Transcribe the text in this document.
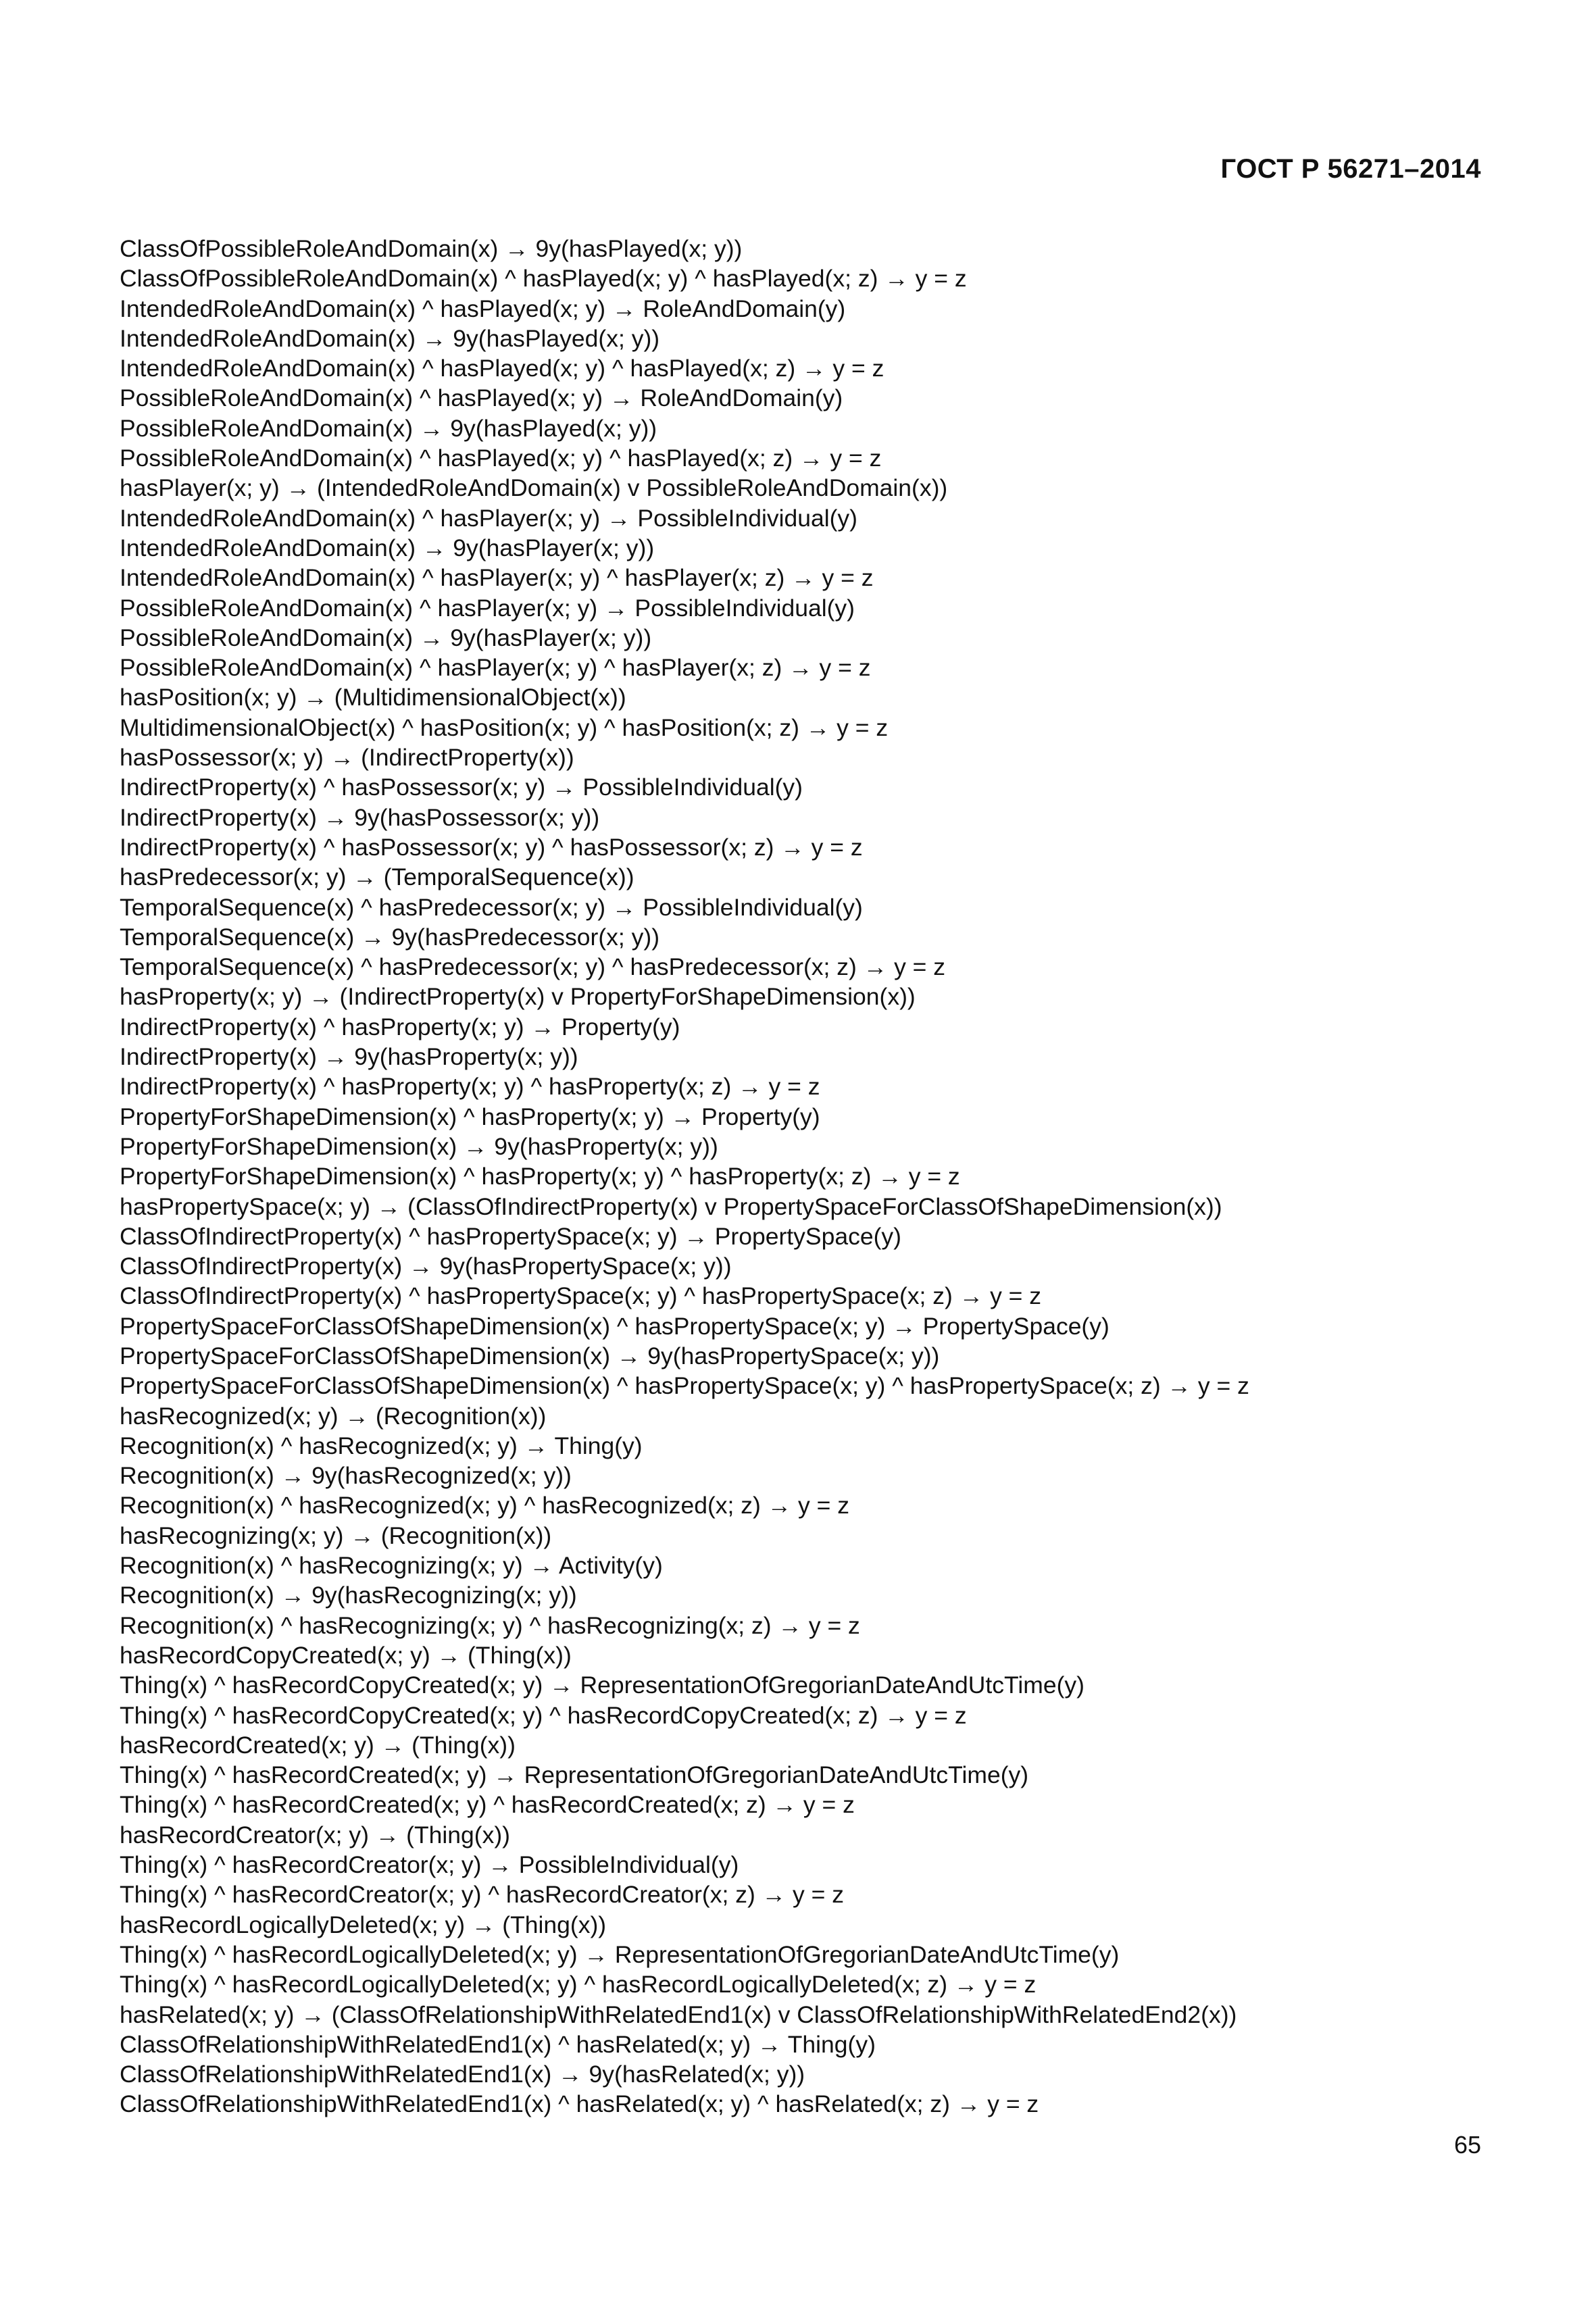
ГОСТ Р 56271–2014
ClassOfPossibleRoleAndDomain(x) → 9y(hasPlayed(x; y))
ClassOfPossibleRoleAndDomain(x) ^ hasPlayed(x; y) ^ hasPlayed(x; z) → y = z
IntendedRoleAndDomain(x) ^ hasPlayed(x; y) → RoleAndDomain(y)
IntendedRoleAndDomain(x) → 9y(hasPlayed(x; y))
IntendedRoleAndDomain(x) ^ hasPlayed(x; y) ^ hasPlayed(x; z) → y = z
PossibleRoleAndDomain(x) ^ hasPlayed(x; y) → RoleAndDomain(y)
PossibleRoleAndDomain(x) → 9y(hasPlayed(x; y))
PossibleRoleAndDomain(x) ^ hasPlayed(x; y) ^ hasPlayed(x; z) → y = z
hasPlayer(x; y) → (IntendedRoleAndDomain(x) v PossibleRoleAndDomain(x))
IntendedRoleAndDomain(x) ^ hasPlayer(x; y) → PossibleIndividual(y)
IntendedRoleAndDomain(x) → 9y(hasPlayer(x; y))
IntendedRoleAndDomain(x) ^ hasPlayer(x; y) ^ hasPlayer(x; z) → y = z
PossibleRoleAndDomain(x) ^ hasPlayer(x; y) → PossibleIndividual(y)
PossibleRoleAndDomain(x) → 9y(hasPlayer(x; y))
PossibleRoleAndDomain(x) ^ hasPlayer(x; y) ^ hasPlayer(x; z) → y = z
hasPosition(x; y) → (MultidimensionalObject(x))
MultidimensionalObject(x) ^ hasPosition(x; y) ^ hasPosition(x; z) → y = z
hasPossessor(x; y) → (IndirectProperty(x))
IndirectProperty(x) ^ hasPossessor(x; y) → PossibleIndividual(y)
IndirectProperty(x) → 9y(hasPossessor(x; y))
IndirectProperty(x) ^ hasPossessor(x; y) ^ hasPossessor(x; z) → y = z
hasPredecessor(x; y) → (TemporalSequence(x))
TemporalSequence(x) ^ hasPredecessor(x; y) → PossibleIndividual(y)
TemporalSequence(x) → 9y(hasPredecessor(x; y))
TemporalSequence(x) ^ hasPredecessor(x; y) ^ hasPredecessor(x; z) → y = z
hasProperty(x; y) → (IndirectProperty(x) v PropertyForShapeDimension(x))
IndirectProperty(x) ^ hasProperty(x; y) → Property(y)
IndirectProperty(x) → 9y(hasProperty(x; y))
IndirectProperty(x) ^ hasProperty(x; y) ^ hasProperty(x; z) → y = z
PropertyForShapeDimension(x) ^ hasProperty(x; y) → Property(y)
PropertyForShapeDimension(x) → 9y(hasProperty(x; y))
PropertyForShapeDimension(x) ^ hasProperty(x; y) ^ hasProperty(x; z) → y = z
hasPropertySpace(x; y) → (ClassOfIndirectProperty(x) v PropertySpaceForClassOfShapeDimension(x))
ClassOfIndirectProperty(x) ^ hasPropertySpace(x; y) → PropertySpace(y)
ClassOfIndirectProperty(x) → 9y(hasPropertySpace(x; y))
ClassOfIndirectProperty(x) ^ hasPropertySpace(x; y) ^ hasPropertySpace(x; z) → y = z
PropertySpaceForClassOfShapeDimension(x) ^ hasPropertySpace(x; y) → PropertySpace(y)
PropertySpaceForClassOfShapeDimension(x) → 9y(hasPropertySpace(x; y))
PropertySpaceForClassOfShapeDimension(x) ^ hasPropertySpace(x; y) ^ hasPropertySpace(x; z) → y = z
hasRecognized(x; y) → (Recognition(x))
Recognition(x) ^ hasRecognized(x; y) → Thing(y)
Recognition(x) → 9y(hasRecognized(x; y))
Recognition(x) ^ hasRecognized(x; y) ^ hasRecognized(x; z) → y = z
hasRecognizing(x; y) → (Recognition(x))
Recognition(x) ^ hasRecognizing(x; y) → Activity(y)
Recognition(x) → 9y(hasRecognizing(x; y))
Recognition(x) ^ hasRecognizing(x; y) ^ hasRecognizing(x; z) → y = z
hasRecordCopyCreated(x; y) → (Thing(x))
Thing(x) ^ hasRecordCopyCreated(x; y) → RepresentationOfGregorianDateAndUtcTime(y)
Thing(x) ^ hasRecordCopyCreated(x; y) ^ hasRecordCopyCreated(x; z) → y = z
hasRecordCreated(x; y) → (Thing(x))
Thing(x) ^ hasRecordCreated(x; y) → RepresentationOfGregorianDateAndUtcTime(y)
Thing(x) ^ hasRecordCreated(x; y) ^ hasRecordCreated(x; z) → y = z
hasRecordCreator(x; y) → (Thing(x))
Thing(x) ^ hasRecordCreator(x; y) → PossibleIndividual(y)
Thing(x) ^ hasRecordCreator(x; y) ^ hasRecordCreator(x; z) → y = z
hasRecordLogicallyDeleted(x; y) → (Thing(x))
Thing(x) ^ hasRecordLogicallyDeleted(x; y) → RepresentationOfGregorianDateAndUtcTime(y)
Thing(x) ^ hasRecordLogicallyDeleted(x; y) ^ hasRecordLogicallyDeleted(x; z) → y = z
hasRelated(x; y) → (ClassOfRelationshipWithRelatedEnd1(x) v ClassOfRelationshipWithRelatedEnd2(x))
ClassOfRelationshipWithRelatedEnd1(x) ^ hasRelated(x; y) → Thing(y)
ClassOfRelationshipWithRelatedEnd1(x) → 9y(hasRelated(x; y))
ClassOfRelationshipWithRelatedEnd1(x) ^ hasRelated(x; y) ^ hasRelated(x; z) → y = z
65
